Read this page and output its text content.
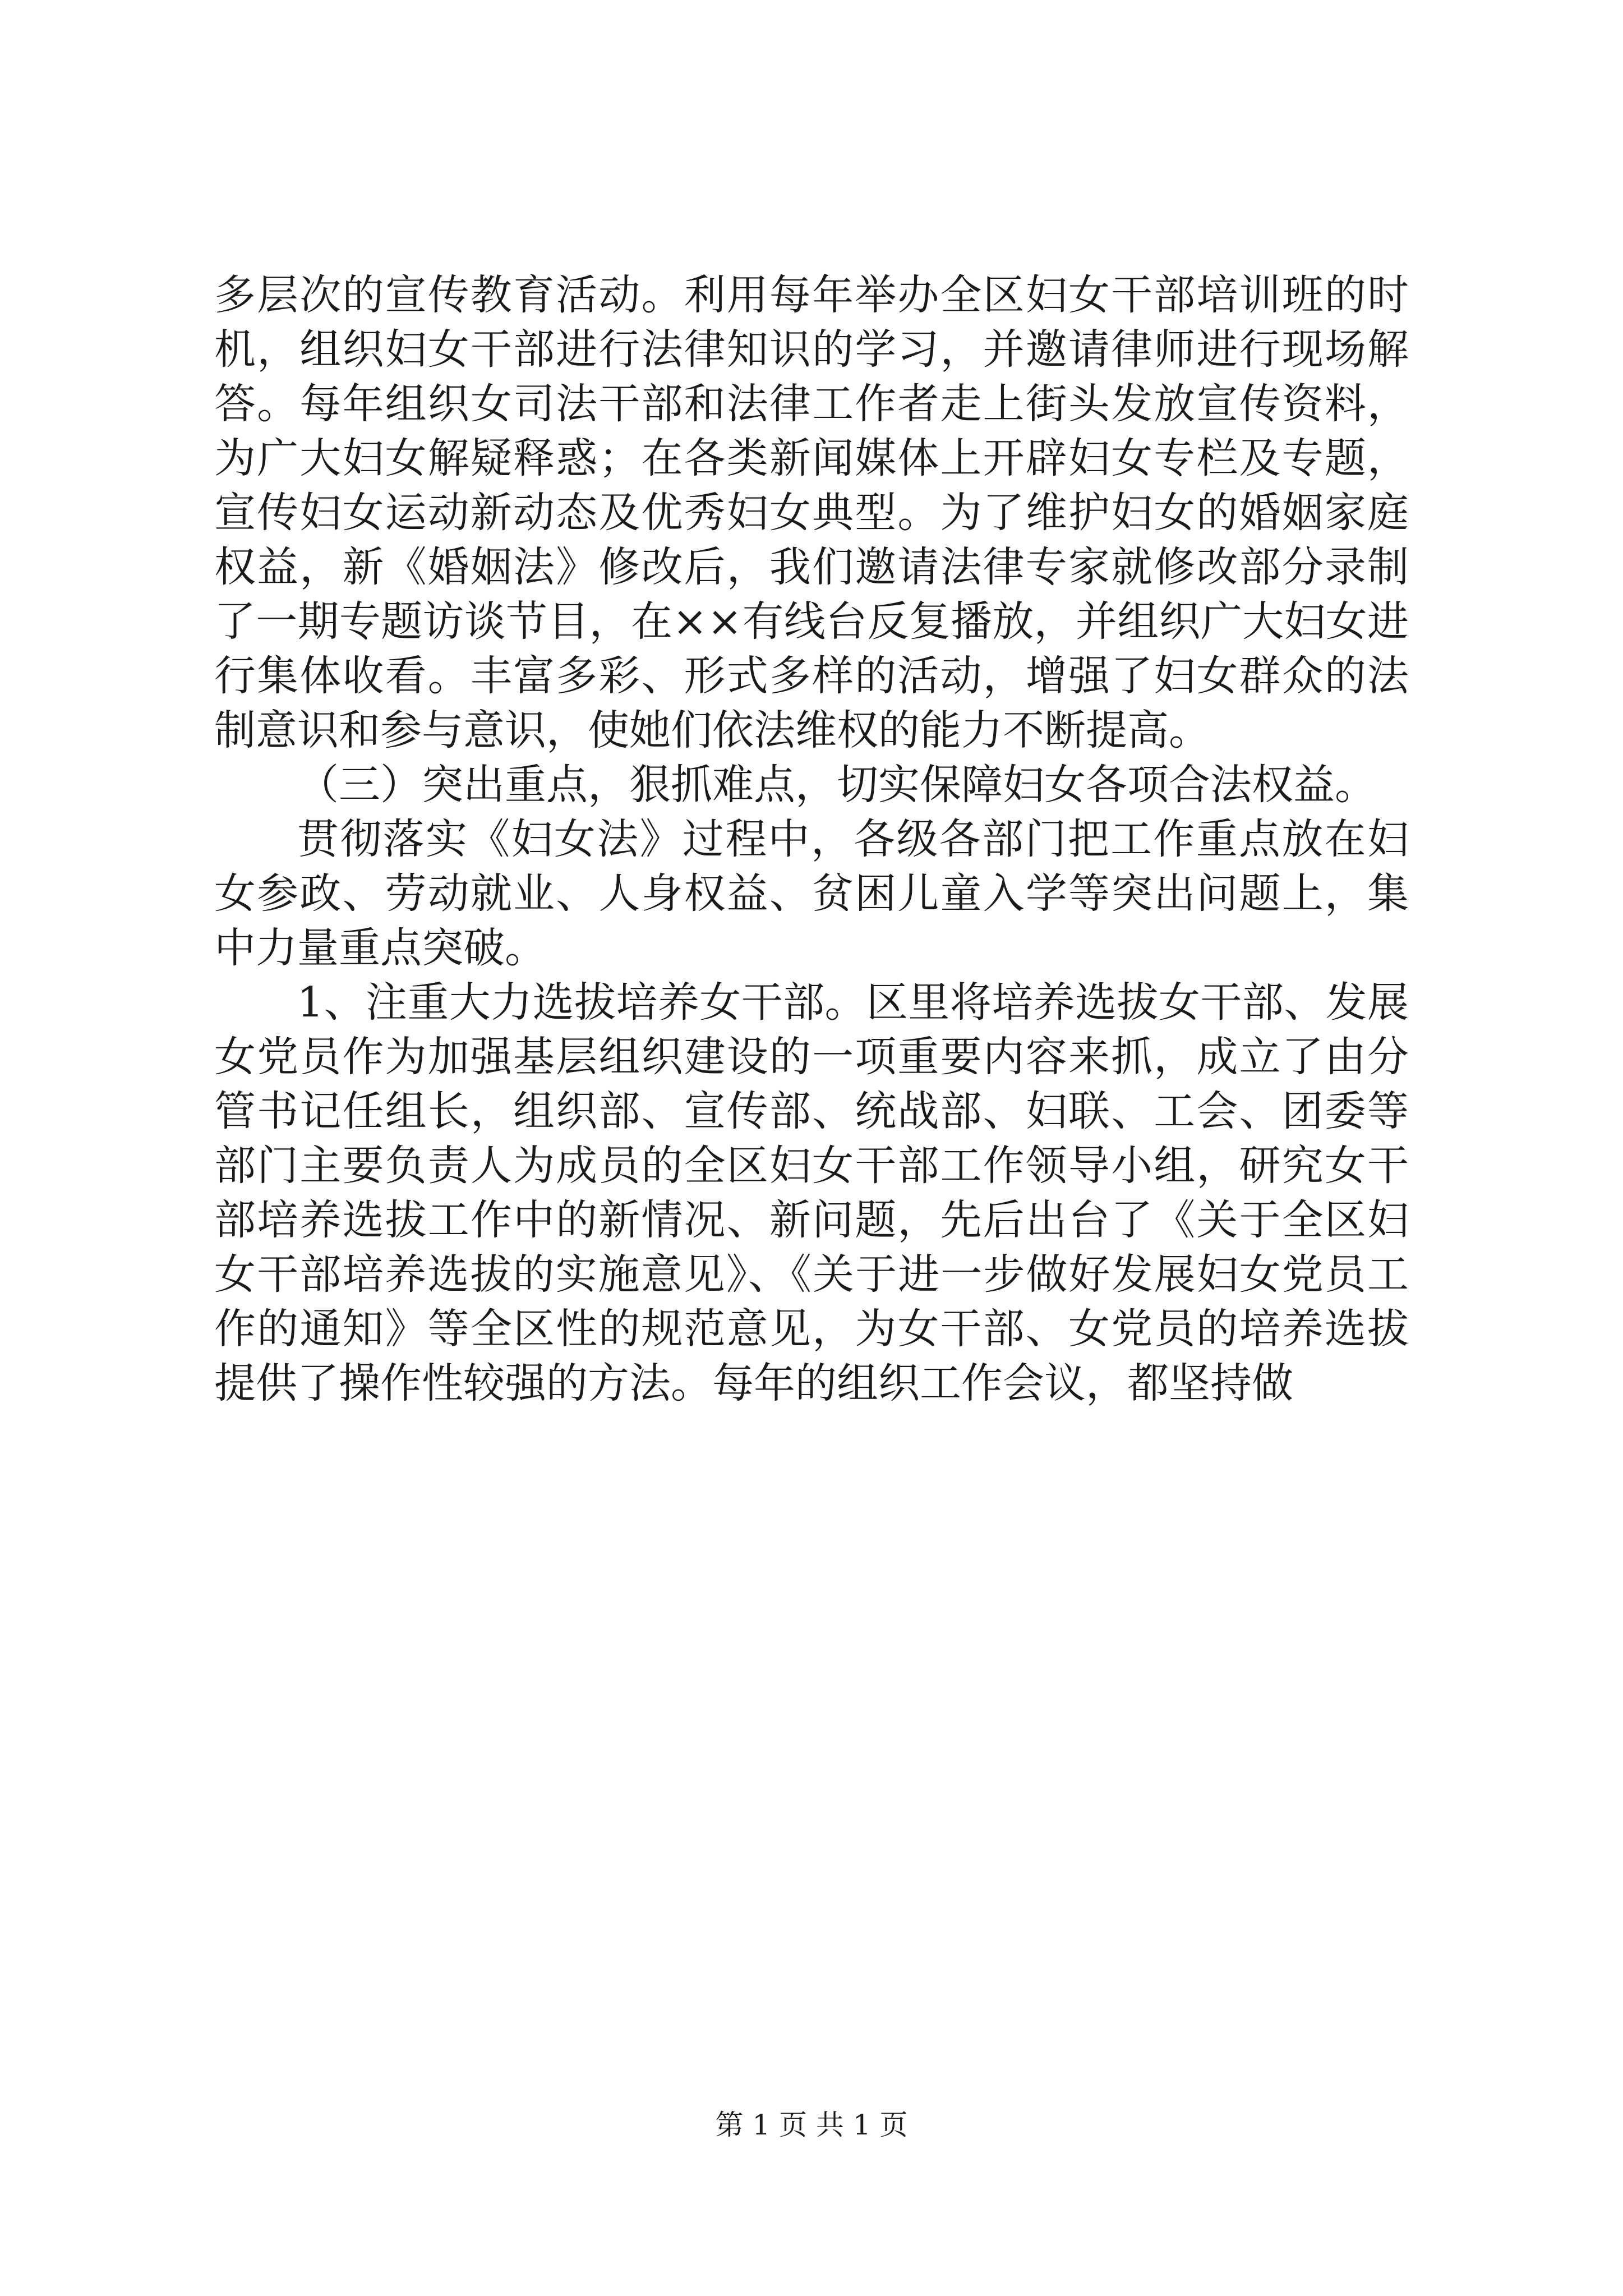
多层次的宣传教育活动。利用每年举办全区妇女干部培训班的时机，组织妇女干部进行法律知识的学习，并邀请律师进行现场解答。每年组织女司法干部和法律工作者走上街头发放宣传资料，为广大妇女解疑释惑；在各类新闻媒体上开辟妇女专栏及专题，宣传妇女运动新动态及优秀妇女典型。为了维护妇女的婚姻家庭权益，新《婚姻法》修改后，我们邀请法律专家就修改部分录制了一期专题访谈节目，在××有线台反复播放，并组织广大妇女进行集体收看。丰富多彩、形式多样的活动，增强了妇女群众的法制意识和参与意识，使她们依法维权的能力不断提高。

（三）突出重点，狠抓难点，切实保障妇女各项合法权益。

贯彻落实《妇女法》过程中，各级各部门把工作重点放在妇女参政、劳动就业、人身权益、贫困儿童入学等突出问题上，集中力量重点突破。

1、注重大力选拔培养女干部。区里将培养选拔女干部、发展女党员作为加强基层组织建设的一项重要内容来抓，成立了由分管书记任组长，组织部、宣传部、统战部、妇联、工会、团委等部门主要负责人为成员的全区妇女干部工作领导小组，研究女干部培养选拔工作中的新情况、新问题，先后出台了《关于全区妇女干部培养选拔的实施意见》、《关于进一步做好发展妇女党员工作的通知》等全区性的规范意见，为女干部、女党员的培养选拔提供了操作性较强的方法。每年的组织工作会议，都坚持做

第 1 页 共 1 页
